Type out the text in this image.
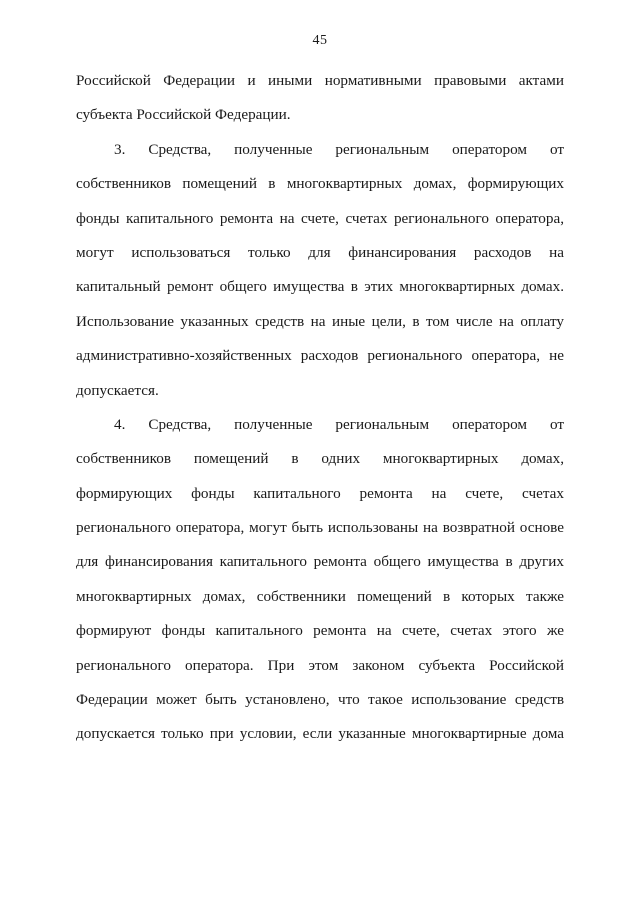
45
Российской Федерации и иными нормативными правовыми актами
субъекта Российской Федерации.
3. Средства, полученные региональным оператором от
собственников помещений в многоквартирных домах, формирующих
фонды капитального ремонта на счете, счетах регионального оператора,
могут использоваться только для финансирования расходов на
капитальный ремонт общего имущества в этих многоквартирных домах.
Использование указанных средств на иные цели, в том числе на оплату
административно-хозяйственных расходов регионального оператора, не
допускается.
4. Средства, полученные региональным оператором от
собственников помещений в одних многоквартирных домах,
формирующих фонды капитального ремонта на счете, счетах
регионального оператора, могут быть использованы на возвратной основе
для финансирования капитального ремонта общего имущества в других
многоквартирных домах, собственники помещений в которых также
формируют фонды капитального ремонта на счете, счетах этого же
регионального оператора. При этом законом субъекта Российской
Федерации может быть установлено, что такое использование средств
допускается только при условии, если указанные многоквартирные дома
